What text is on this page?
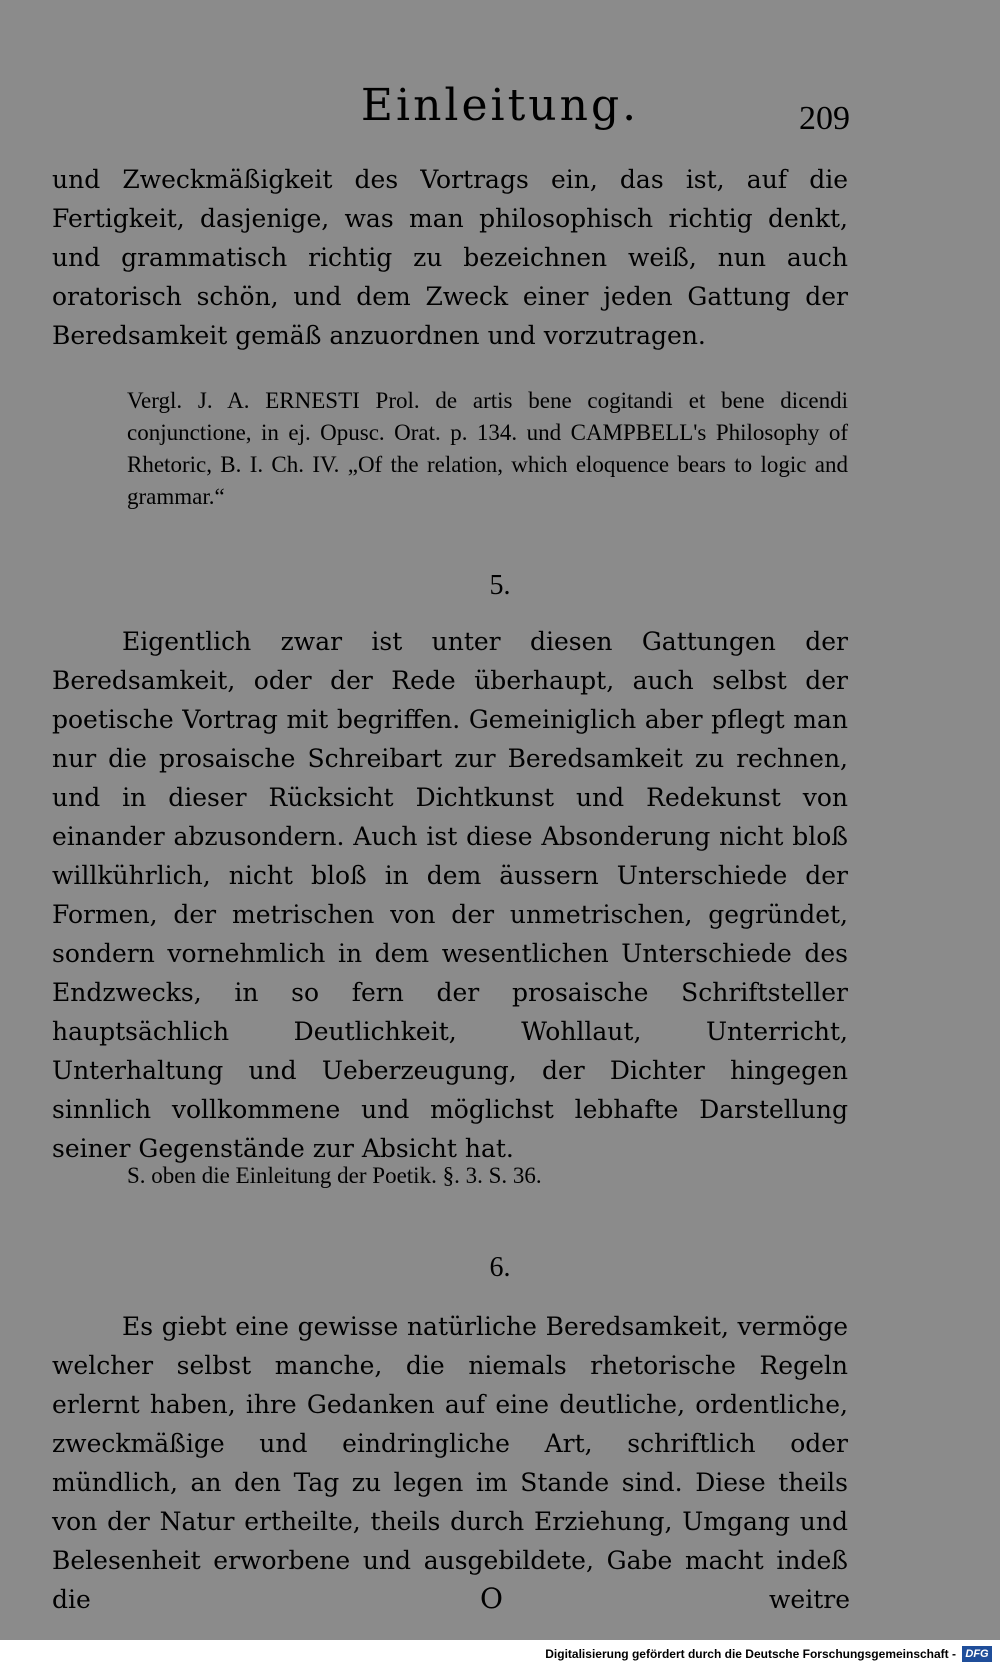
Einleitung.	209

und Zweckmäßigkeit des Vortrags ein, das ist, auf die Fertigkeit, dasjenige, was man philosophisch richtig denkt, und grammatisch richtig zu bezeichnen weiß, nun auch oratorisch schön, und dem Zweck einer jeden Gattung der Beredsamkeit gemäß anzuordnen und vorzutragen.

Vergl. J. A. ERNESTI Prol. de artis bene cogitandi et bene dicendi conjunctione, in ej. Opusc. Orat. p. 134. und CAMPBELL's Philosophy of Rhetoric, B. I. Ch. IV. „Of the relation, which eloquence bears to logic and grammar.“

5.

Eigentlich zwar ist unter diesen Gattungen der Beredsamkeit, oder der Rede überhaupt, auch selbst der poetische Vortrag mit begriffen. Gemeiniglich aber pflegt man nur die prosaische Schreibart zur Beredsamkeit zu rechnen, und in dieser Rücksicht Dichtkunst und Redekunst von einander abzusondern. Auch ist diese Absonderung nicht bloß willkührlich, nicht bloß in dem äussern Unterschiede der Formen, der metrischen von der unmetrischen, gegründet, sondern vornehmlich in dem wesentlichen Unterschiede des Endzwecks, in so fern der prosaische Schriftsteller hauptsächlich Deutlichkeit, Wohllaut, Unterricht, Unterhaltung und Ueberzeugung, der Dichter hingegen sinnlich vollkommene und möglichst lebhafte Darstellung seiner Gegenstände zur Absicht hat.

S. oben die Einleitung der Poetik. §. 3. S. 36.

6.

Es giebt eine gewisse natürliche Beredsamkeit, vermöge welcher selbst manche, die niemals rhetorische Regeln erlernt haben, ihre Gedanken auf eine deutliche, ordentliche, zweckmäßige und eindringliche Art, schriftlich oder mündlich, an den Tag zu legen im Stande sind. Diese theils von der Natur ertheilte, theils durch Erziehung, Umgang und Belesenheit erworbene und ausgebildete, Gabe macht indeß die	O	weitre
Digitalisierung gefördert durch die Deutsche Forschungsgemeinschaft - DFG
